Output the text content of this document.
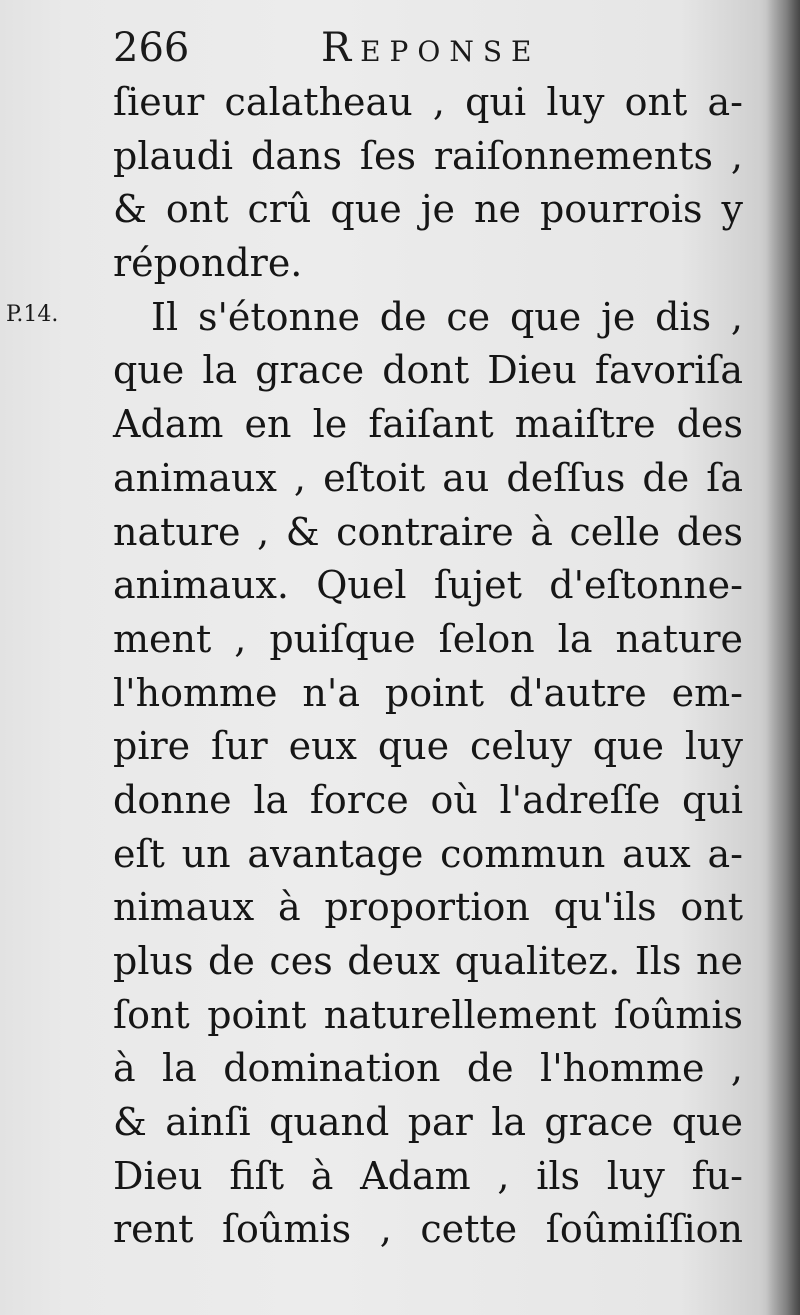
266	Reponse
P.14.
ſieur calatheau , qui luy ont a-
plaudi dans ſes raiſonnements ,
& ont crû que je ne pourrois y
répondre.
Il s'étonne de ce que je dis ,
que la grace dont Dieu favoriſa
Adam en le faiſant maiſtre des
animaux , eſtoit au deſſus de ſa
nature , & contraire à celle des
animaux. Quel ſujet d'eſtonne-
ment , puiſque ſelon la nature
l'homme n'a point d'autre em-
pire ſur eux que celuy que luy
donne la force où l'adreſſe qui
eſt un avantage commun aux a-
nimaux à proportion qu'ils ont
plus de ces deux qualitez. Ils ne
ſont point naturellement ſoûmis
à la domination de l'homme ,
& ainſi quand par la grace que
Dieu fiſt à Adam , ils luy fu-
rent ſoûmis , cette ſoûmiſſion
